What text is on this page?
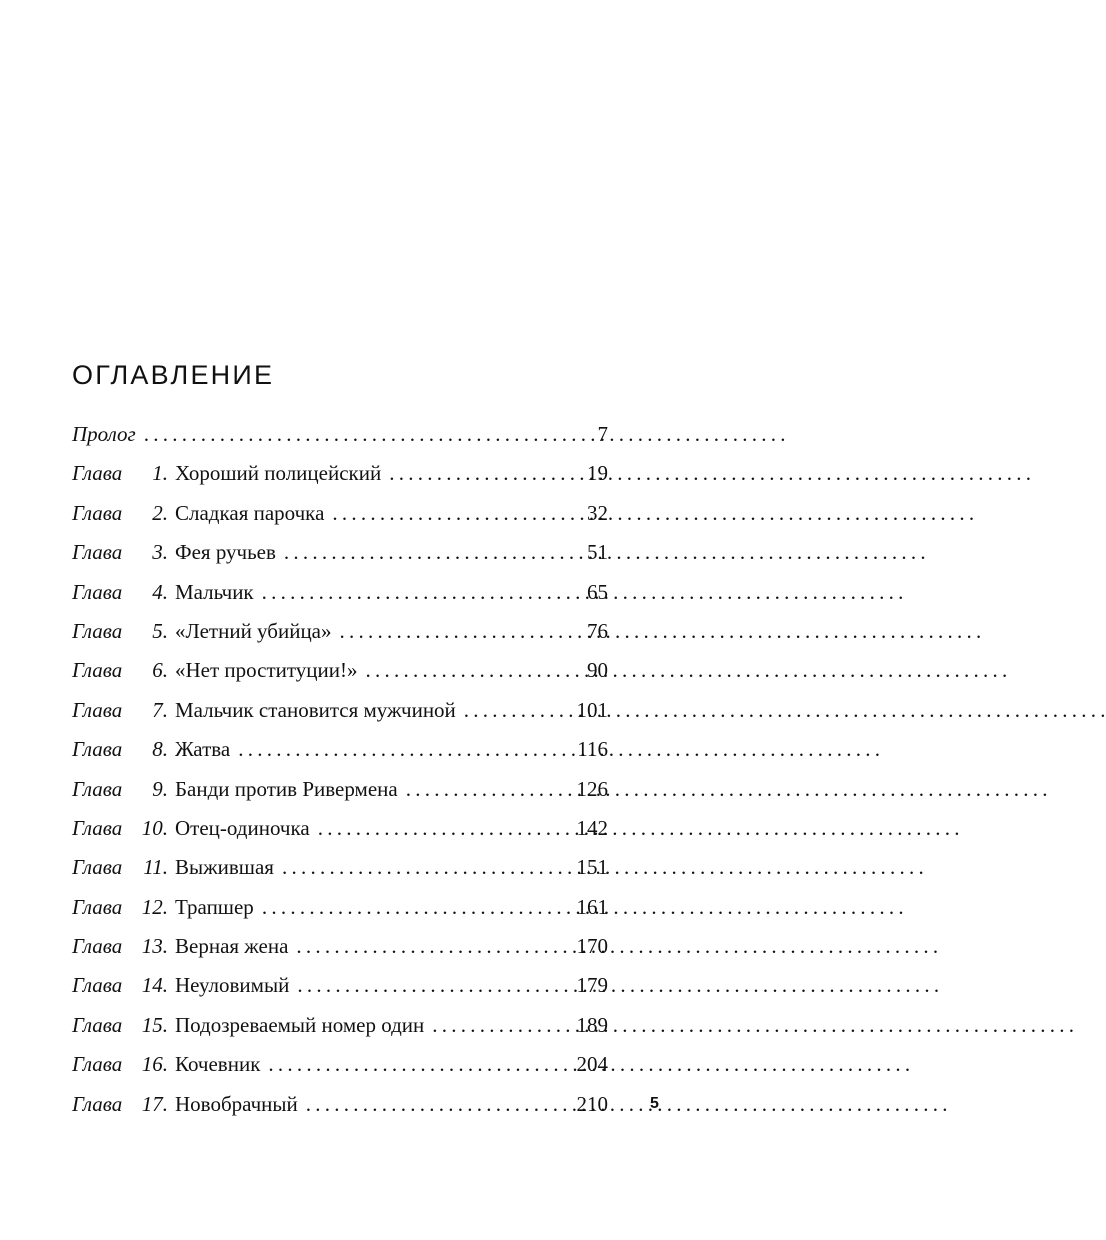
ОГЛАВЛЕНИЕ
Пролог . . .	7
Глава 1. Хороший полицейский . . .	19
Глава 2. Сладкая парочка . . .	32
Глава 3. Фея ручьев . . .	51
Глава 4. Мальчик . . .	65
Глава 5. «Летний убийца» . . .	76
Глава 6. «Нет проституции!» . . .	90
Глава 7. Мальчик становится мужчиной . . .	101
Глава 8. Жатва . . .	116
Глава 9. Банди против Ривермена . . .	126
Глава 10. Отец-одиночка . . .	142
Глава 11. Выжившая . . .	151
Глава 12. Трапшер . . .	161
Глава 13. Верная жена . . .	170
Глава 14. Неуловимый . . .	179
Глава 15. Подозреваемый номер один . . .	189
Глава 16. Кочевник . . .	204
Глава 17. Новобрачный . . .	210	5
